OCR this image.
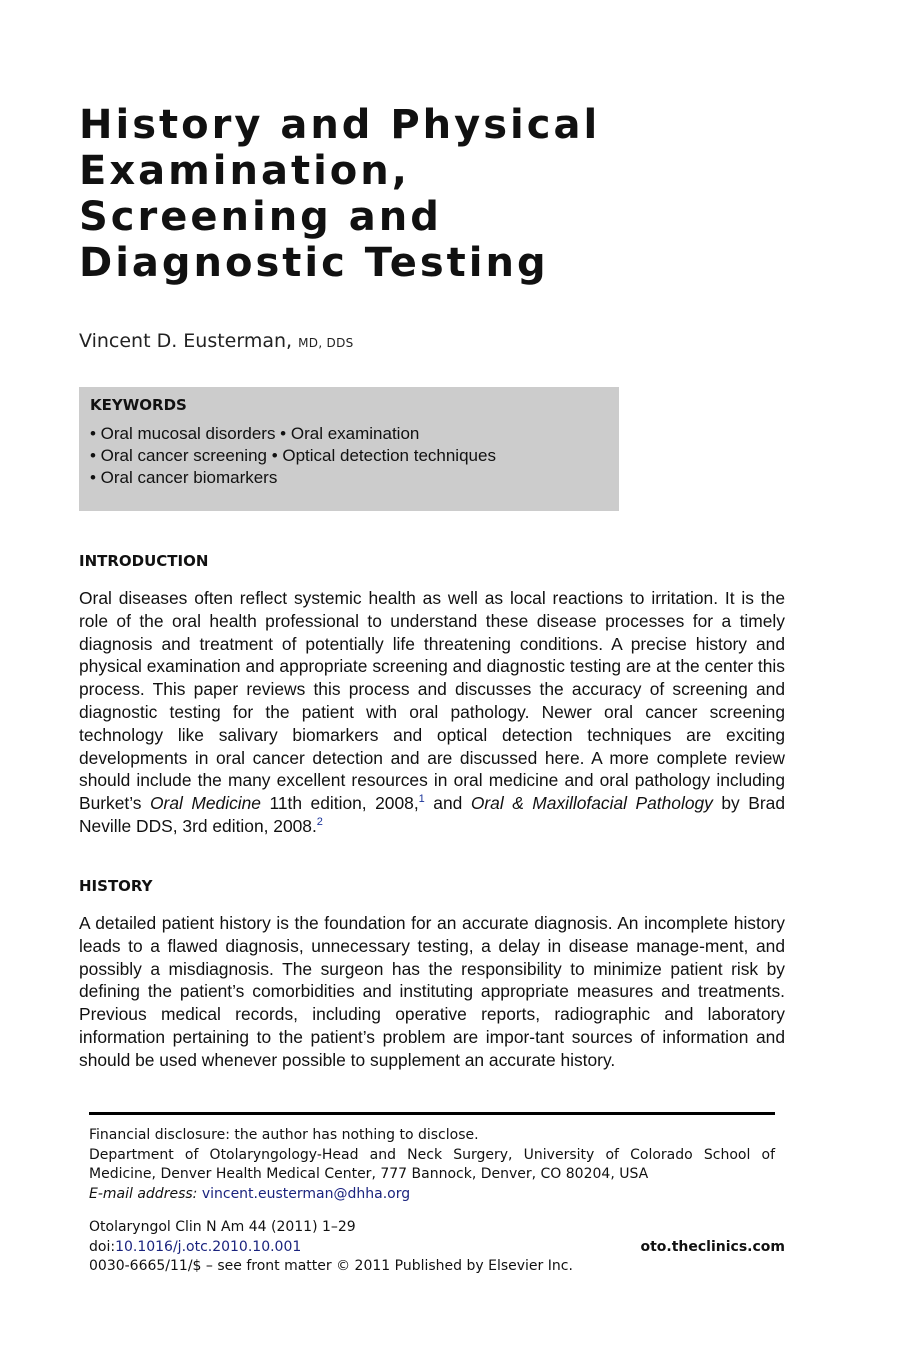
History and Physical
Examination,
Screening and
Diagnostic Testing
Vincent D. Eusterman, MD, DDS
KEYWORDS
• Oral mucosal disorders • Oral examination
• Oral cancer screening • Optical detection techniques
• Oral cancer biomarkers
INTRODUCTION

Oral diseases often reflect systemic health as well as local reactions to irritation. It is the role of the oral health professional to understand these disease processes for a timely diagnosis and treatment of potentially life threatening conditions. A precise history and physical examination and appropriate screening and diagnostic testing are at the center this process. This paper reviews this process and discusses the accuracy of screening and diagnostic testing for the patient with oral pathology. Newer oral cancer screening technology like salivary biomarkers and optical detection techniques are exciting developments in oral cancer detection and are discussed here. A more complete review should include the many excellent resources in oral medicine and oral pathology including Burket’s Oral Medicine 11th edition, 2008,$^1$ and Oral & Maxillofacial Pathology by Brad Neville DDS, 3rd edition, 2008.$^2$

HISTORY

A detailed patient history is the foundation for an accurate diagnosis. An incomplete history leads to a flawed diagnosis, unnecessary testing, a delay in disease manage-ment, and possibly a misdiagnosis. The surgeon has the responsibility to minimize patient risk by defining the patient’s comorbidities and instituting appropriate measures and treatments. Previous medical records, including operative reports, radiographic and laboratory information pertaining to the patient’s problem are impor-tant sources of information and should be used whenever possible to supplement an accurate history.

Financial disclosure: the author has nothing to disclose.
Department of Otolaryngology-Head and Neck Surgery, University of Colorado School of Medicine, Denver Health Medical Center, 777 Bannock, Denver, CO 80204, USA
E-mail address: vincent.eusterman@dhha.org
Otolaryngol Clin N Am 44 (2011) 1–29
doi:10.1016/j.otc.2010.10.001
0030-6665/11/$ – see front matter © 2011 Published by Elsevier Inc.
oto.theclinics.com
